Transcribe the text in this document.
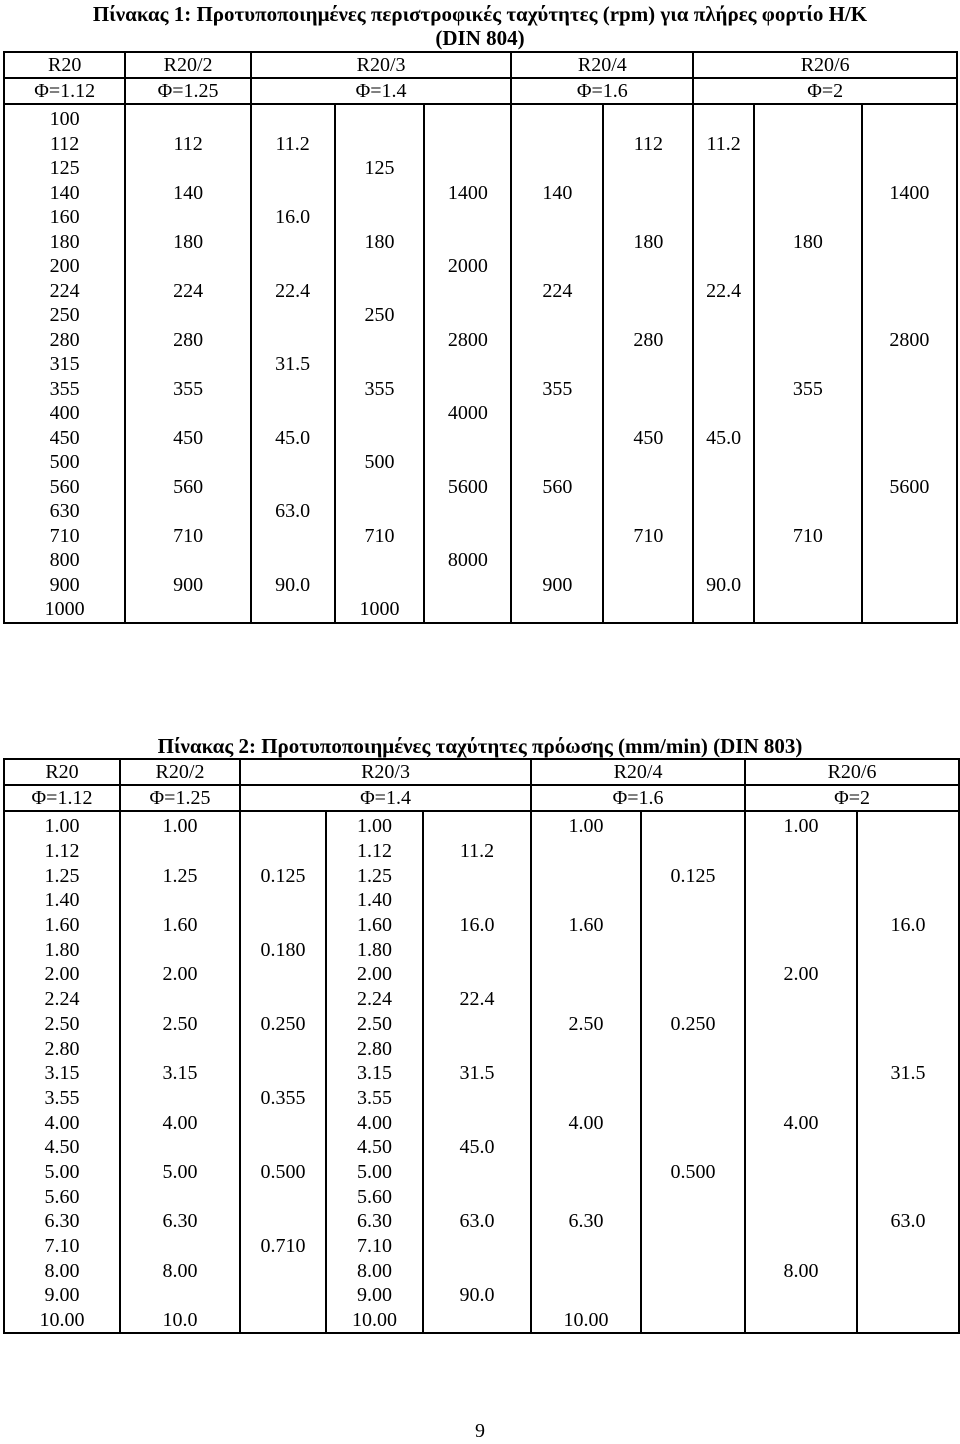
Πίνακας 1: Προτυποποιημένες περιστροφικές ταχύτητες (rpm) για πλήρες φορτίο Η/Κ
(DIN 804)
R20	R20/2	R20/3			R20/4		R20/6		
Φ=1.12	Φ=1.25	Φ=1.4			Φ=1.6		Φ=2		
100									
112	112	11.2				112	11.2		
125			125						
140	140			1400	140				1400
160		16.0							
180	180		180			180		180	
200				2000					
224	224	22.4			224		22.4		
250			250						
280	280			2800		280			2800
315		31.5							
355	355		355		355			355	
400				4000					
450	450	45.0				450	45.0		
500			500						
560	560			5600	560				5600
630		63.0							
710	710		710			710		710	
800				8000					
900	900	90.0			900		90.0		
1000			1000						
Πίνακας 2: Προτυποποιημένες ταχύτητες πρόωσης (mm/min) (DIN 803)
R20	R20/2	R20/3			R20/4		R20/6	
Φ=1.12	Φ=1.25	Φ=1.4			Φ=1.6		Φ=2	
1.00	1.00		1.00		1.00		1.00	
1.12			1.12	11.2				
1.25	1.25	0.125	1.25			0.125		
1.40			1.40					
1.60	1.60		1.60	16.0	1.60			16.0
1.80		0.180	1.80					
2.00	2.00		2.00				2.00	
2.24			2.24	22.4				
2.50	2.50	0.250	2.50		2.50	0.250		
2.80			2.80					
3.15	3.15		3.15	31.5				31.5
3.55		0.355	3.55					
4.00	4.00		4.00		4.00		4.00	
4.50			4.50	45.0				
5.00	5.00	0.500	5.00			0.500		
5.60			5.60					
6.30	6.30		6.30	63.0	6.30			63.0
7.10		0.710	7.10					
8.00	8.00		8.00				8.00	
9.00			9.00	90.0				
10.00	10.0		10.00		10.00			
9
